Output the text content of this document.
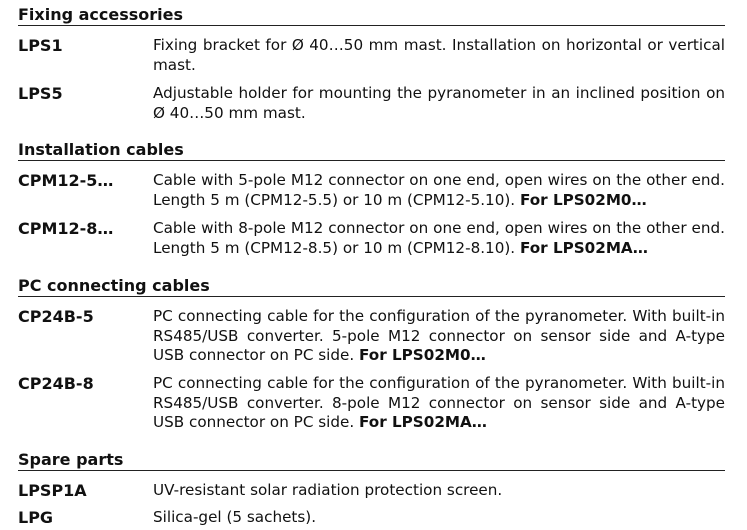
Fixing accessories
LPS1	Fixing bracket for Ø 40…50 mm mast. Installation on horizontal or vertical mast.
LPS5	Adjustable holder for mounting the pyranometer in an inclined position on Ø 40…50 mm mast.
Installation cables
CPM12-5…	Cable with 5-pole M12 connector on one end, open wires on the other end. Length 5 m (CPM12-5.5) or 10 m (CPM12-5.10). For LPS02M0…
CPM12-8…	Cable with 8-pole M12 connector on one end, open wires on the other end. Length 5 m (CPM12-8.5) or 10 m (CPM12-8.10). For LPS02MA…
PC connecting cables
CP24B-5	PC connecting cable for the configuration of the pyranometer. With built-in RS485/USB converter. 5-pole M12 connector on sensor side and A-type USB connector on PC side. For LPS02M0…
CP24B-8	PC connecting cable for the configuration of the pyranometer. With built-in RS485/USB converter. 8-pole M12 connector on sensor side and A-type USB connector on PC side. For LPS02MA…
Spare parts
LPSP1A	UV-resistant solar radiation protection screen.
LPG	Silica-gel (5 sachets).
